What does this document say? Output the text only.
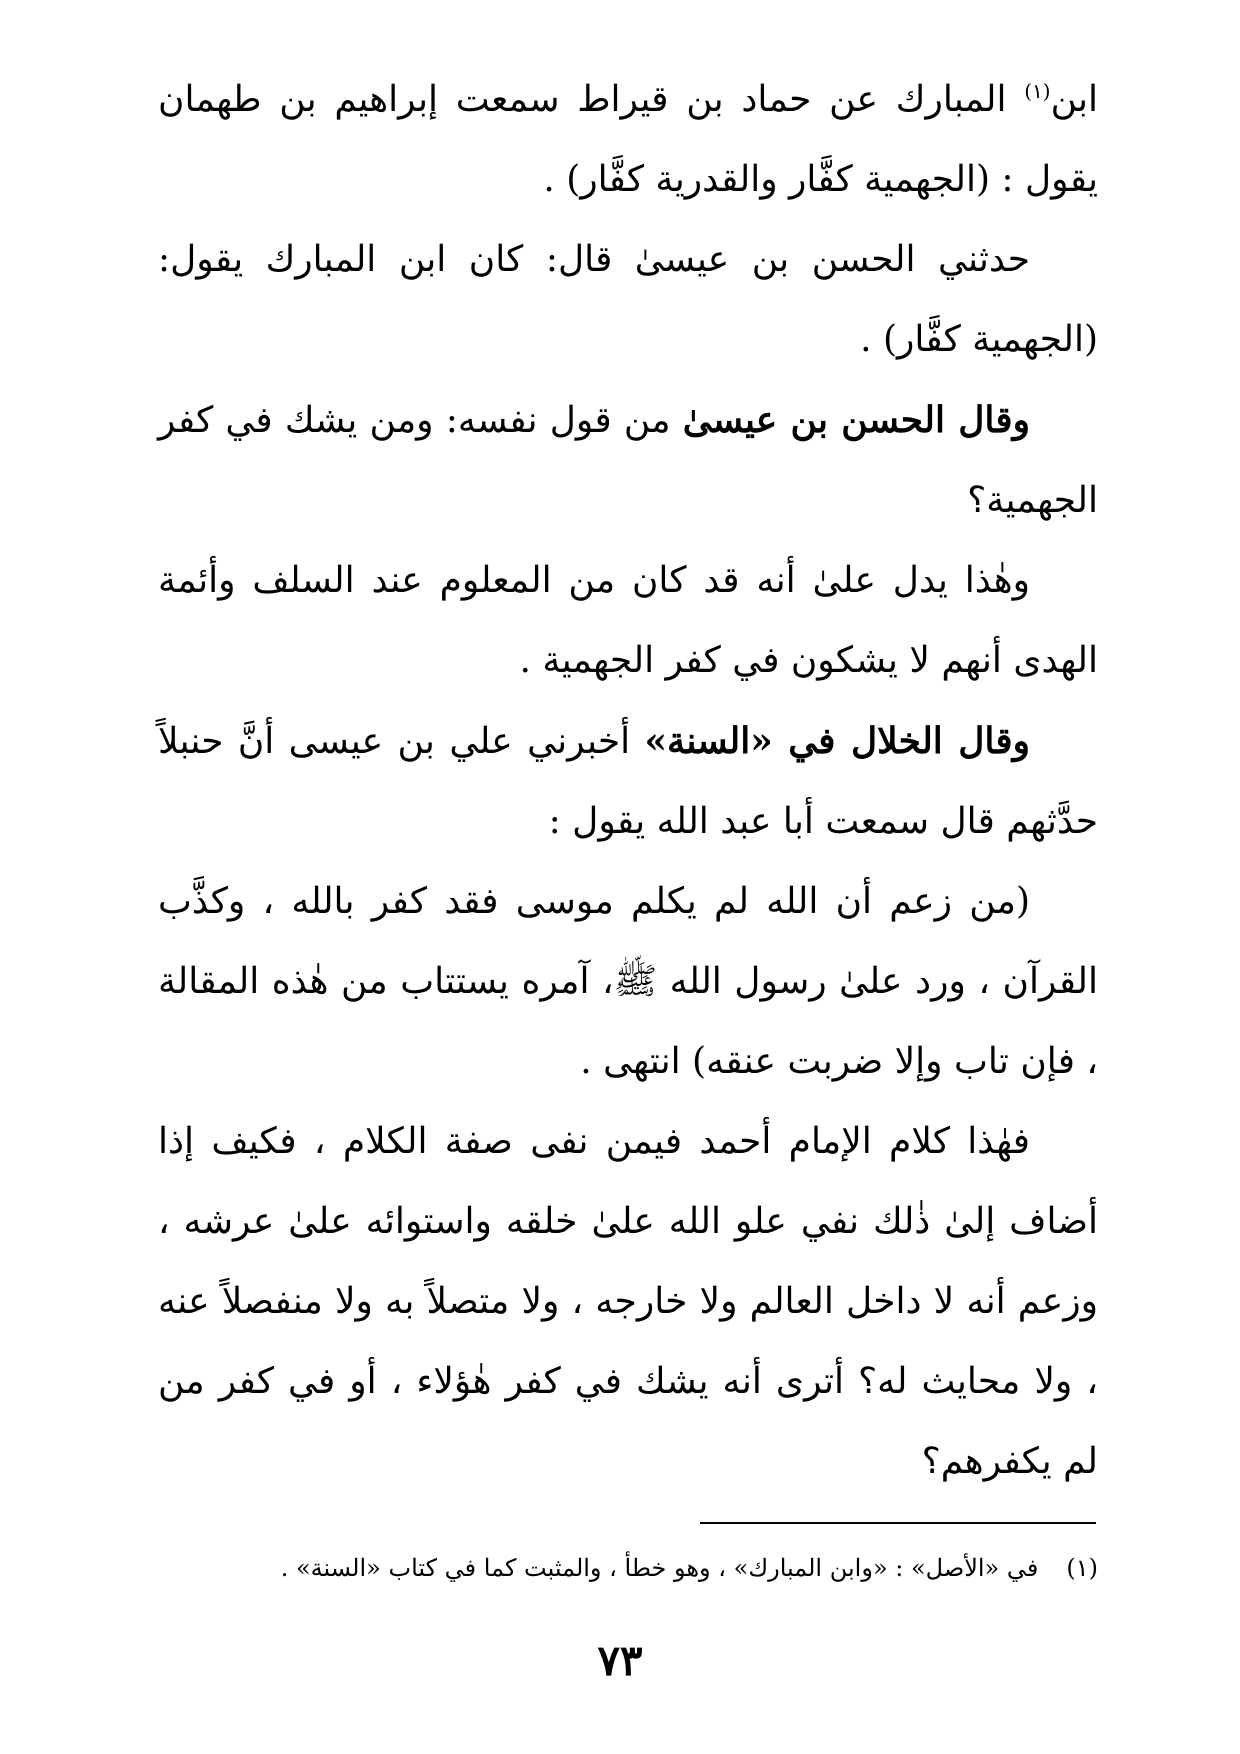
ابن$^{(١)}$ المبارك عن حماد بن قيراط سمعت إبراهيم بن طهمان يقول : (الجهمية كفَّار والقدرية كفَّار) .

حدثني الحسن بن عيسىٰ قال: كان ابن المبارك يقول: (الجهمية كفَّار) .

وقال الحسن بن عيسىٰ من قول نفسه: ومن يشك في كفر الجهمية؟

وهٰذا يدل علىٰ أنه قد كان من المعلوم عند السلف وأئمة الهدى أنهم لا يشكون في كفر الجهمية .

وقال الخلال في «السنة» أخبرني علي بن عيسى أنَّ حنبلاً حدَّثهم قال سمعت أبا عبد الله يقول :

(من زعم أن الله لم يكلم موسى فقد كفر بالله ، وكذَّب القرآن ، ورد علىٰ رسول الله ﷺ، آمره يستتاب من هٰذه المقالة ، فإن تاب وإلا ضربت عنقه) انتهى .

فهٰذا كلام الإمام أحمد فيمن نفى صفة الكلام ، فكيف إذا أضاف إلىٰ ذٰلك نفي علو الله علىٰ خلقه واستوائه علىٰ عرشه ، وزعم أنه لا داخل العالم ولا خارجه ، ولا متصلاً به ولا منفصلاً عنه ، ولا محايث له؟ أترى أنه يشك في كفر هٰؤلاء ، أو في كفر من لم يكفرهم؟

(١)في «الأصل» : «وابن المبارك» ، وهو خطأ ، والمثبت كما في كتاب «السنة» .
٧٣
